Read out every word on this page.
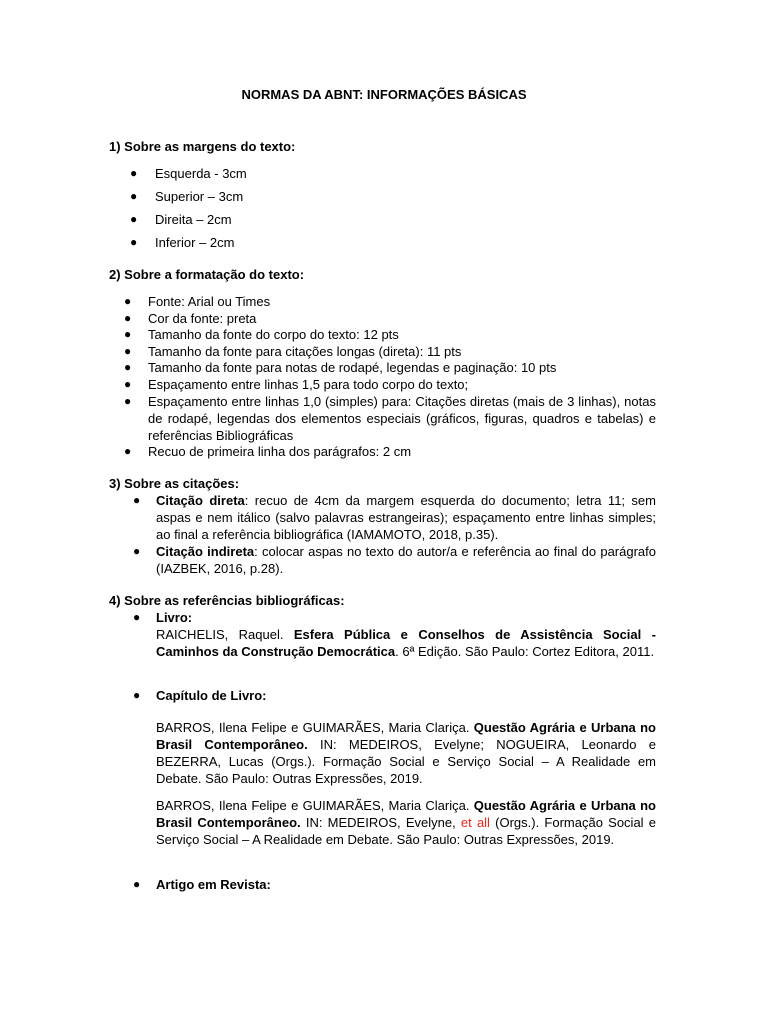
NORMAS DA ABNT: INFORMAÇÕES BÁSICAS
1) Sobre as margens do texto:
● Esquerda - 3cm
● Superior – 3cm
● Direita – 2cm
● Inferior – 2cm
2) Sobre a formatação do texto:
● Fonte: Arial ou Times
● Cor da fonte: preta
● Tamanho da fonte do corpo do texto: 12 pts
● Tamanho da fonte para citações longas (direta): 11 pts
● Tamanho da fonte para notas de rodapé, legendas e paginação: 10 pts
● Espaçamento entre linhas 1,5 para todo corpo do texto;
● Espaçamento entre linhas 1,0 (simples) para: Citações diretas (mais de 3 linhas), notas de rodapé, legendas dos elementos especiais (gráficos, figuras, quadros e tabelas) e referências Bibliográficas
● Recuo de primeira linha dos parágrafos: 2 cm
3) Sobre as citações:
● Citação direta: recuo de 4cm da margem esquerda do documento; letra 11; sem aspas e nem itálico (salvo palavras estrangeiras); espaçamento entre linhas simples; ao final a referência bibliográfica (IAMAMOTO, 2018, p.35).
● Citação indireta: colocar aspas no texto do autor/a e referência ao final do parágrafo (IAZBEK, 2016, p.28).
4) Sobre as referências bibliográficas:
● Livro:
RAICHELIS, Raquel. Esfera Pública e Conselhos de Assistência Social - Caminhos da Construção Democrática. 6ª Edição. São Paulo: Cortez Editora, 2011.
● Capítulo de Livro:
BARROS, Ilena Felipe e GUIMARÃES, Maria Clariça. Questão Agrária e Urbana no Brasil Contemporâneo. IN: MEDEIROS, Evelyne; NOGUEIRA, Leonardo e BEZERRA, Lucas (Orgs.). Formação Social e Serviço Social – A Realidade em Debate. São Paulo: Outras Expressões, 2019.
BARROS, Ilena Felipe e GUIMARÃES, Maria Clariça. Questão Agrária e Urbana no Brasil Contemporâneo. IN: MEDEIROS, Evelyne, et all (Orgs.). Formação Social e Serviço Social – A Realidade em Debate. São Paulo: Outras Expressões, 2019.
● Artigo em Revista:
